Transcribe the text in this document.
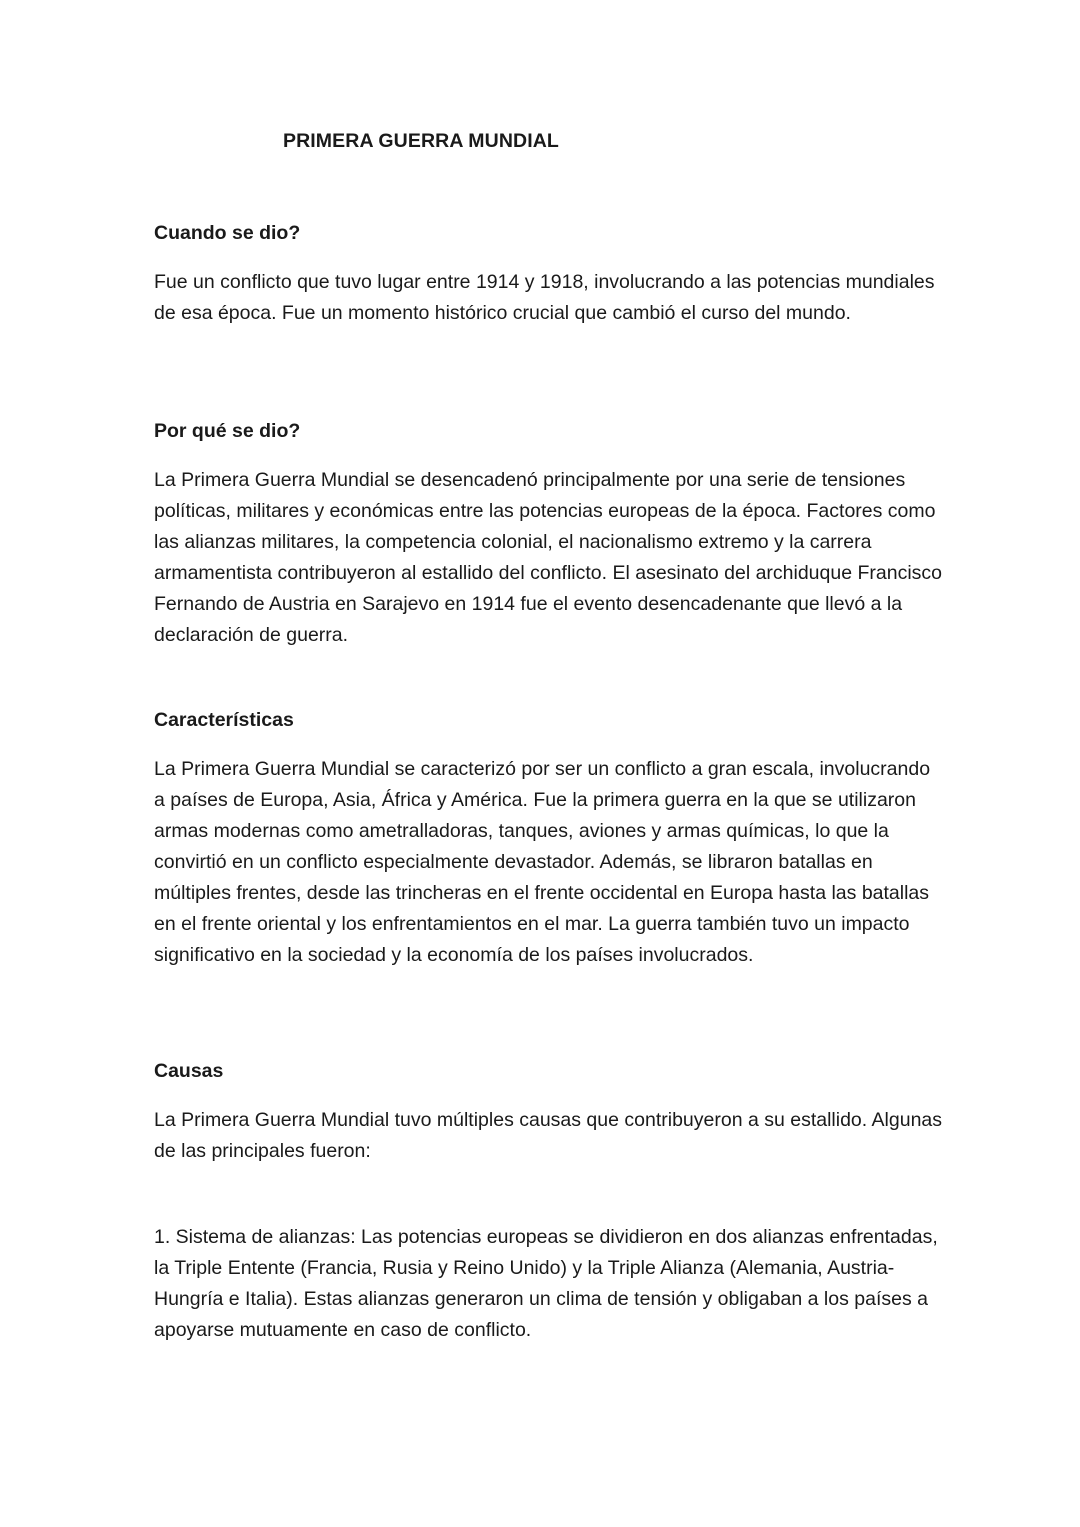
PRIMERA GUERRA MUNDIAL
Cuando se dio?

Fue un conflicto que tuvo lugar entre 1914 y 1918, involucrando a las potencias mundiales de esa época. Fue un momento histórico crucial que cambió el curso del mundo.

Por qué se dio?

La Primera Guerra Mundial se desencadenó principalmente por una serie de tensiones políticas, militares y económicas entre las potencias europeas de la época. Factores como las alianzas militares, la competencia colonial, el nacionalismo extremo y la carrera armamentista contribuyeron al estallido del conflicto. El asesinato del archiduque Francisco Fernando de Austria en Sarajevo en 1914 fue el evento desencadenante que llevó a la declaración de guerra.

Características

La Primera Guerra Mundial se caracterizó por ser un conflicto a gran escala, involucrando a países de Europa, Asia, África y América. Fue la primera guerra en la que se utilizaron armas modernas como ametralladoras, tanques, aviones y armas químicas, lo que la convirtió en un conflicto especialmente devastador. Además, se libraron batallas en múltiples frentes, desde las trincheras en el frente occidental en Europa hasta las batallas en el frente oriental y los enfrentamientos en el mar. La guerra también tuvo un impacto significativo en la sociedad y la economía de los países involucrados.

Causas

La Primera Guerra Mundial tuvo múltiples causas que contribuyeron a su estallido. Algunas de las principales fueron:

1. Sistema de alianzas: Las potencias europeas se dividieron en dos alianzas enfrentadas, la Triple Entente (Francia, Rusia y Reino Unido) y la Triple Alianza (Alemania, Austria-Hungría e Italia). Estas alianzas generaron un clima de tensión y obligaban a los países a apoyarse mutuamente en caso de conflicto.
